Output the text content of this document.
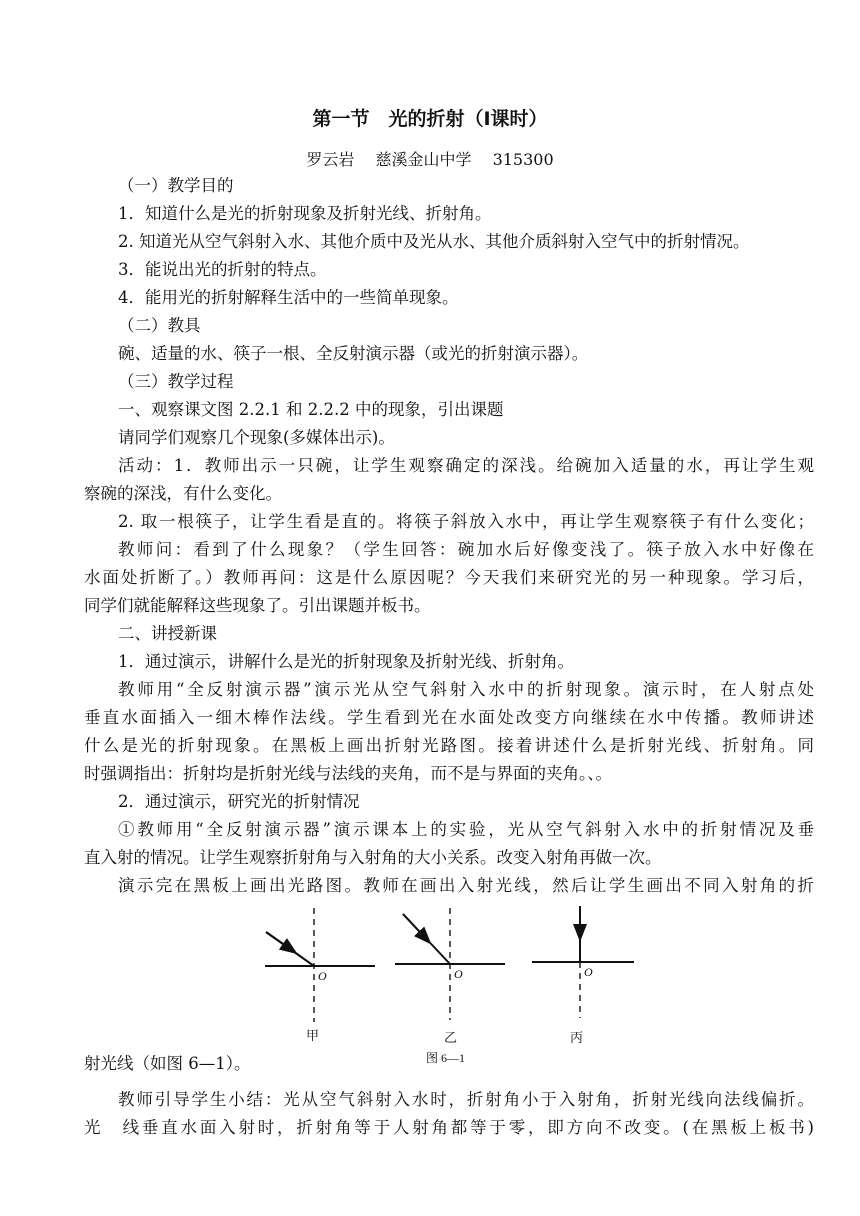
第一节　光的折射（Ⅰ课时）
罗云岩 慈溪金山中学 315300
（一）教学目的
1．知道什么是光的折射现象及折射光线、折射角。
2. 知道光从空气斜射入水、其他介质中及光从水、其他介质斜射入空气中的折射情况。
3．能说出光的折射的特点。
4．能用光的折射解释生活中的一些简单现象。
（二）教具
碗、适量的水、筷子一根、全反射演示器（或光的折射演示器）。
（三）教学过程
一、观察课文图 2.2.1 和 2.2.2 中的现象，引出课题
请同学们观察几个现象(多媒体出示)。
活动：1．教师出示一只碗，让学生观察确定的深浅。给碗加入适量的水，再让学生观
察碗的深浅，有什么变化。
2. 取一根筷子，让学生看是直的。将筷子斜放入水中，再让学生观察筷子有什么变化；
教师问：看到了什么现象？（学生回答：碗加水后好像变浅了。筷子放入水中好像在
水面处折断了。）教师再问：这是什么原因呢？今天我们来研究光的另一种现象。学习后，
同学们就能解释这些现象了。引出课题并板书。
二、讲授新课
1．通过演示，讲解什么是光的折射现象及折射光线、折射角。
教师用“全反射演示器”演示光从空气斜射入水中的折射现象。演示时，在人射点处
垂直水面插入一细木棒作法线。学生看到光在水面处改变方向继续在水中传播。教师讲述
什么是光的折射现象。在黑板上画出折射光路图。接着讲述什么是折射光线、折射角。同
时强调指出：折射均是折射光线与法线的夹角，而不是与界面的夹角。、。
2．通过演示，研究光的折射情况
①教师用“全反射演示器”演示课本上的实验，光从空气斜射入水中的折射情况及垂
直入射的情况。让学生观察折射角与入射角的大小关系。改变入射角再做一次。
演示完在黑板上画出光路图。教师在画出入射光线，然后让学生画出不同入射角的折
O	O	O
甲	乙	丙
图 6—1
射光线（如图 6—1）。
教师引导学生小结：光从空气斜射入水时，折射角小于入射角，折射光线向法线偏折。
光　线垂直水面入射时，折射角等于人射角都等于零，即方向不改变。(在黑板上板书)
